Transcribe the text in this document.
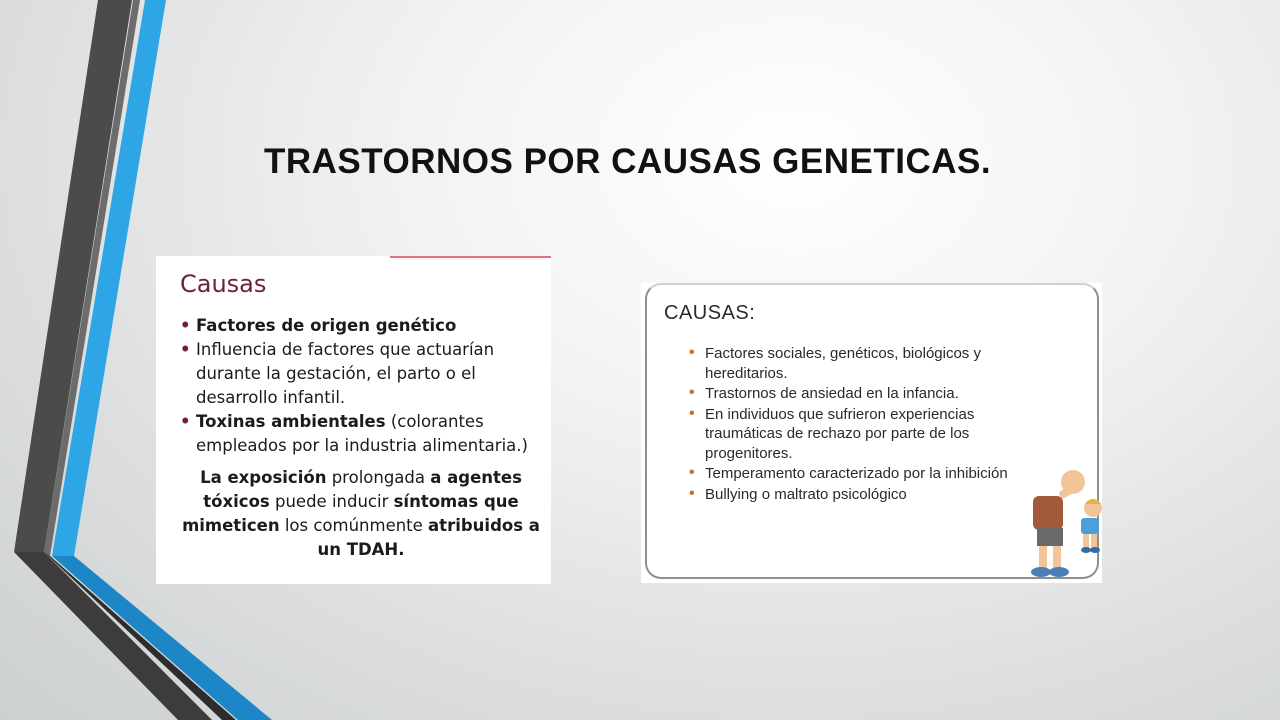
TRASTORNOS POR CAUSAS GENETICAS.
Causas
• Factores de origen genético
• Influencia de factores que actuarían durante la gestación, el parto o el desarrollo infantil.
• Toxinas ambientales (colorantes empleados por la industria alimentaria.)
La exposición prolongada a agentes tóxicos puede inducir síntomas que mimeticen los comúnmente atribuidos a un TDAH.
CAUSAS:
• Factores sociales, genéticos, biológicos y hereditarios.
• Trastornos de ansiedad en la infancia.
• En individuos que sufrieron experiencias traumáticas de rechazo por parte de los progenitores.
• Temperamento caracterizado por la inhibición
• Bullying o maltrato psicológico
